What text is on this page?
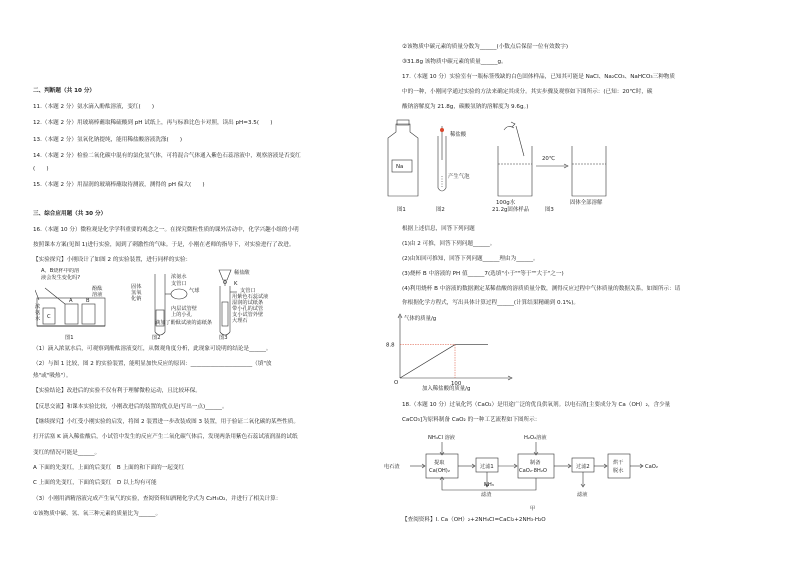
二、判断题（共 10 分）
11.（本题 2 分）氨水滴入酚酞溶液，变红(　　)
12.（本题 2 分）用玻璃棒蘸取稀硫酸到 pH 试纸上，再与标准比色卡对照，读出 pH=3.5(　　)
13.（本题 2 分）氢氧化钠提纯，能用稀盐酸溶液洗涤(　　)
14.（本题 2 分）检验二氧化碳中混有的氯化氢气体，可将混合气体通入紫色石蕊溶液中，观察溶液是否变红
(　　)
15.（本题 2 分）用湿润的玻璃棒蘸取待测液，测得的 pH 偏大(　　)
三、综合应用题（共 30 分）
16.（本题 10 分）微粒观是化学学科重要的观念之一。在探究微粒性质的课外活动中，化学兴趣小组的小明
按照课本方案(见图 1)进行实验，闻到了刺激性的气味。于是，小刚在老师的指导下，对实验进行了改进。
【实验探究】小刚设计了如图 2 的实验装置，进行同样的实验：
A、B烧杯中的溶
液会发生变化吗?
浓
氨
水
酚酞
溶液
A	B
C
固体
氢氧
化钠
浓氨水
支管口
气球
内层试管壁
上的小孔
滴加了酚酞试液的滤纸条
稀盐酸
K
支管口
用紫色石蕊试液
湿润的试纸条
带小孔的试管
支小试管外壁
大理石
图1	图2	图3
（1）滴入浓氨水后，可观察到酚酞溶液变红，从微观角度分析，此现象可说明的结论是______。
（2）与图 1 比较，图 2 的实验装置，能明显加快反应的原因：______________________（填"放
热"或"吸热"）。
【实验结论】改进后的实验不仅有利于理解微粒运动，且比较环保。
【反思交流】和课本实验比较，小刚改进后的装置的优点是(写出一点)______。
【继续探究】小红受小刚实验的启发，将图 2 装置进一步改装成图 3 装置，用于验证二氧化碳的某些性质。
打开活塞 K 滴入稀盐酸后，小试管中发生的反应产生二氧化碳气体后，发现两条用紫色石蕊试液润湿的试纸
变红的情况可能是______。
A 下面的先变红，上面的后变红　B 上面的和下面的一起变红
C 上面的先变红，下面的后变红　D 以上均有可能
（3）小刚用酒精溶液完成产生氧气的实验，查阅资料知酒精化学式为 C₂H₅O₂，并进行了相关计算：
①该物质中碳、氢、氧三种元素的质量比为______。
②该物质中碳元素的质量分数为______(小数点后保留一位有效数字)
③31.8g 该物质中碳元素的质量______g。
17.（本题 10 分）实验室有一瓶标签残缺的白色固体样品，已知其可能是 NaCl、Na₂CO₃、NaHCO₃三种物质
中的一种，小刚同学通过实验的方法来确定其成分。其实步骤及观察如下图所示：(已知：20℃时，碳
酸钠溶解度为 21.8g，碳酸氢钠的溶解度为 9.6g。)
Na
稀盐酸
产生气泡
20℃
100g水
21.2g固体样品
固体全部溶解
图1	图2	图3
根据上述信息，回答下列问题
(1)由 2 可推，回答下列问题______。
(2)由知回可推知，回答下列问题______理由为______。
(3)烧杯 B 中溶液的 PH 值______7(选填"小于""等于""大于"之一)
(4)利用烧杯 B 中溶液的数据测定某稀盐酸的溶质质量分数，测得反应过程中气体质量的数据关系，如图所示：请
你根据化学方程式，写出具体计算过程______(计算结果精确到 0.1%)。
气体的质量/g
O
加入稀盐酸的质量/g
8.8
100
18.（本题 10 分）过氧化钙（CaO₂）是用途广泛的优良供氧剂。以电石渣[主要成分为 Ca（OH）₂，含少量
CaCO₃]为原料制备 CaO₂ 的一种工艺流程如下图所示：
电石渣
NH₄Cl 溶液
提取
Ca(OH)₂
过滤1
滤渣
H₂O₂溶液
制备
CaO₂·8H₂O
过滤2
滤液
烘干
脱水
CaO₂
NH₃
甲
【查阅资料】Ⅰ. Ca（OH）₂+2NH₄Cl=CaCl₂+2NH₃·H₂O
